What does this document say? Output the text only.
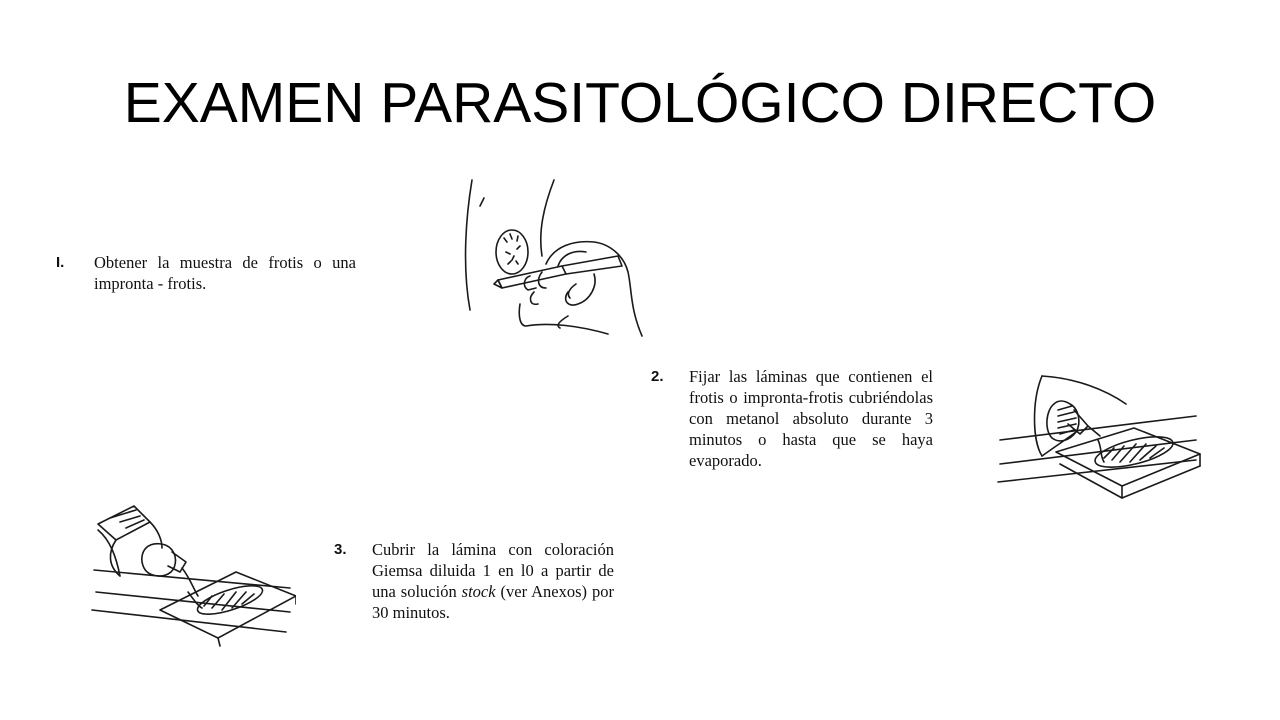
EXAMEN PARASITOLÓGICO DIRECTO
I. Obtener la muestra de frotis o una impronta - frotis.
2. Fijar las láminas que contienen el frotis o impronta-frotis cubriéndolas con metanol absoluto durante 3 minutos o hasta que se haya evaporado.
3. Cubrir la lámina con coloración Giemsa diluida 1 en l0 a partir de una solución stock (ver Anexos) por 30 minutos.
